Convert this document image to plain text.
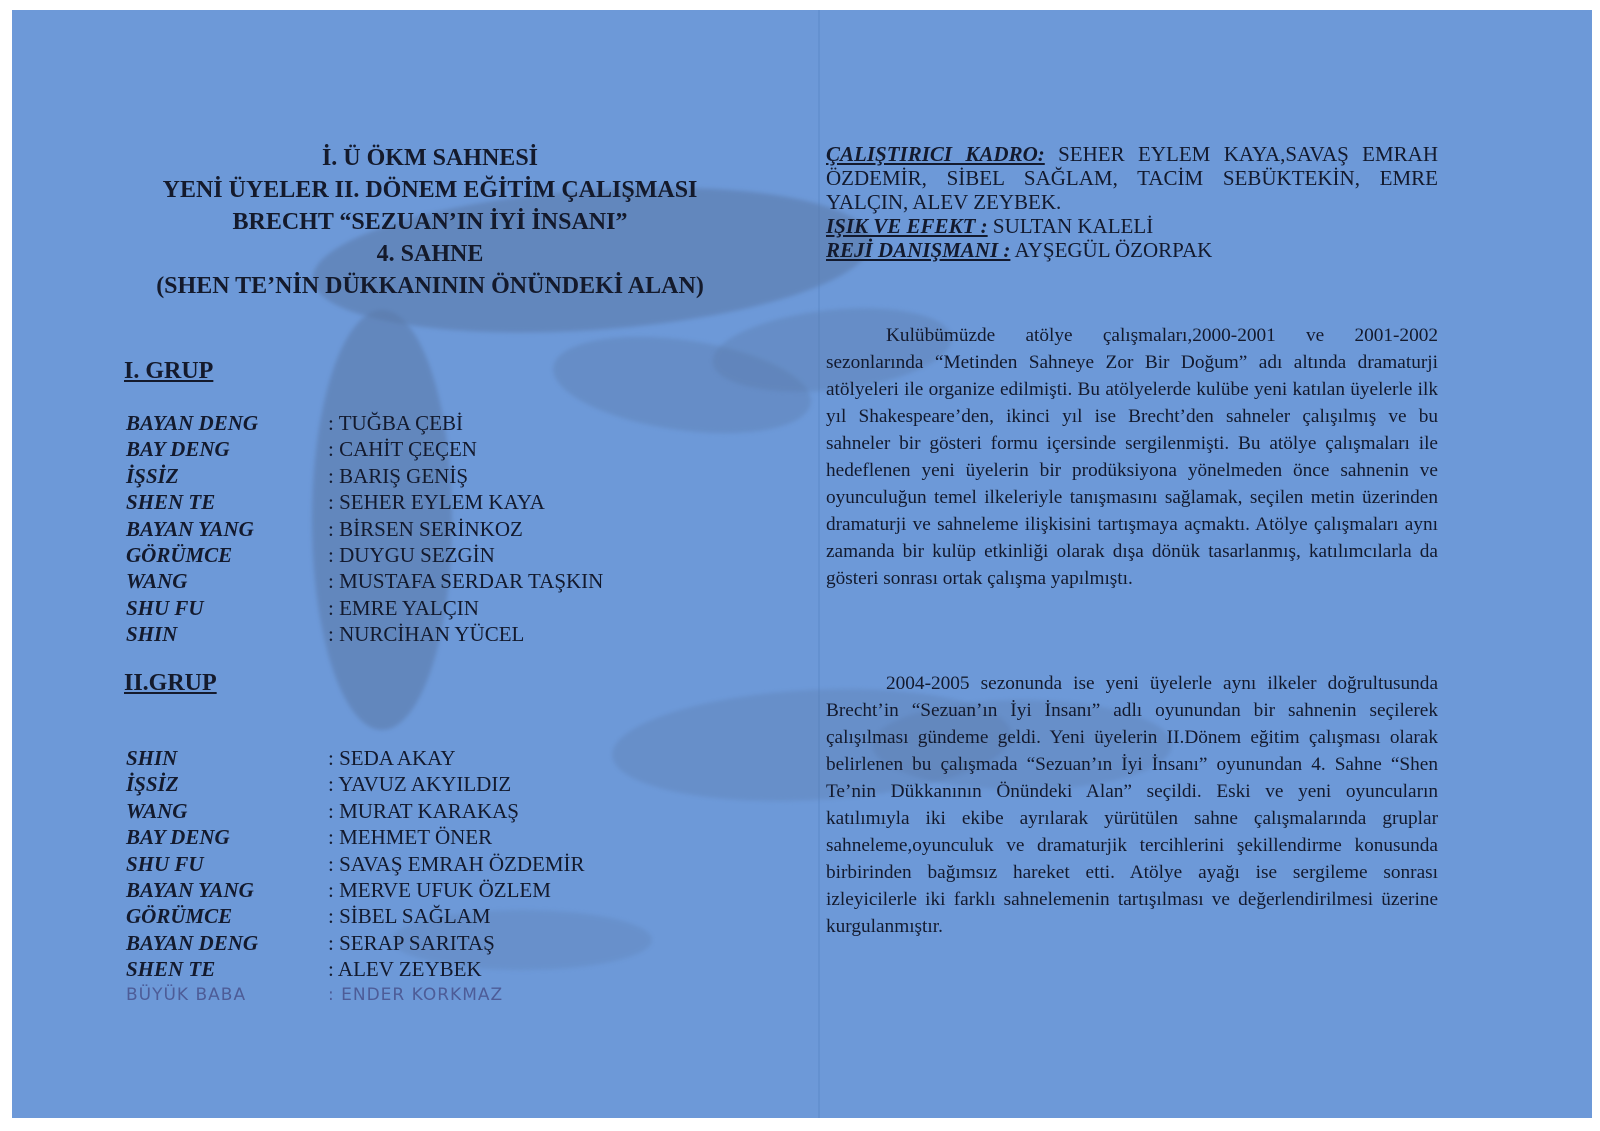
İ. Ü ÖKM SAHNESİ
YENİ ÜYELER II. DÖNEM EĞİTİM ÇALIŞMASI
BRECHT “SEZUAN’IN İYİ İNSANI”
4. SAHNE
(SHEN TE’NİN DÜKKANININ ÖNÜNDEKİ ALAN)
I. GRUP
BAYAN DENG	: TUĞBA ÇEBİ
BAY DENG	: CAHİT ÇEÇEN
İŞSİZ	: BARIŞ GENİŞ
SHEN TE	: SEHER EYLEM KAYA
BAYAN YANG	: BİRSEN SERİNKOZ
GÖRÜMCE	: DUYGU SEZGİN
WANG	: MUSTAFA SERDAR TAŞKIN
SHU FU	: EMRE YALÇIN
SHIN	: NURCİHAN YÜCEL
II.GRUP
SHIN	: SEDA AKAY
İŞSİZ	: YAVUZ AKYILDIZ
WANG	: MURAT KARAKAŞ
BAY DENG	: MEHMET ÖNER
SHU FU	: SAVAŞ EMRAH ÖZDEMİR
BAYAN YANG	: MERVE UFUK ÖZLEM
GÖRÜMCE	: SİBEL SAĞLAM
BAYAN DENG	: SERAP SARITAŞ
SHEN TE	: ALEV ZEYBEK
BÜYÜK BABA	: ENDER KORKMAZ

ÇALIŞTIRICI KADRO: SEHER EYLEM KAYA,SAVAŞ EMRAH ÖZDEMİR, SİBEL SAĞLAM, TACİM SEBÜKTEKİN, EMRE YALÇIN, ALEV ZEYBEK.

IŞIK VE EFEKT : SULTAN KALELİ

REJİ DANIŞMANI : AYŞEGÜL ÖZORPAK

Kulübümüzde atölye çalışmaları,2000-2001 ve 2001-2002 sezonlarında “Metinden Sahneye Zor Bir Doğum” adı altında dramaturji atölyeleri ile organize edilmişti. Bu atölyelerde kulübe yeni katılan üyelerle ilk yıl Shakespeare’den, ikinci yıl ise Brecht’den sahneler çalışılmış ve bu sahneler bir gösteri formu içersinde sergilenmişti. Bu atölye çalışmaları ile hedeflenen yeni üyelerin bir prodüksiyona yönelmeden önce sahnenin ve oyunculuğun temel ilkeleriyle tanışmasını sağlamak, seçilen metin üzerinden dramaturji ve sahneleme ilişkisini tartışmaya açmaktı. Atölye çalışmaları aynı zamanda bir kulüp etkinliği olarak dışa dönük tasarlanmış, katılımcılarla da gösteri sonrası ortak çalışma yapılmıştı.

2004-2005 sezonunda ise yeni üyelerle aynı ilkeler doğrultusunda Brecht’in “Sezuan’ın İyi İnsanı” adlı oyunundan bir sahnenin seçilerek çalışılması gündeme geldi. Yeni üyelerin II.Dönem eğitim çalışması olarak belirlenen bu çalışmada “Sezuan’ın İyi İnsanı” oyunundan 4. Sahne “Shen Te’nin Dükkanının Önündeki Alan” seçildi. Eski ve yeni oyuncuların katılımıyla iki ekibe ayrılarak yürütülen sahne çalışmalarında gruplar sahneleme,oyunculuk ve dramaturjik tercihlerini şekillendirme konusunda birbirinden bağımsız hareket etti. Atölye ayağı ise sergileme sonrası izleyicilerle iki farklı sahnelemenin tartışılması ve değerlendirilmesi üzerine kurgulanmıştır.
